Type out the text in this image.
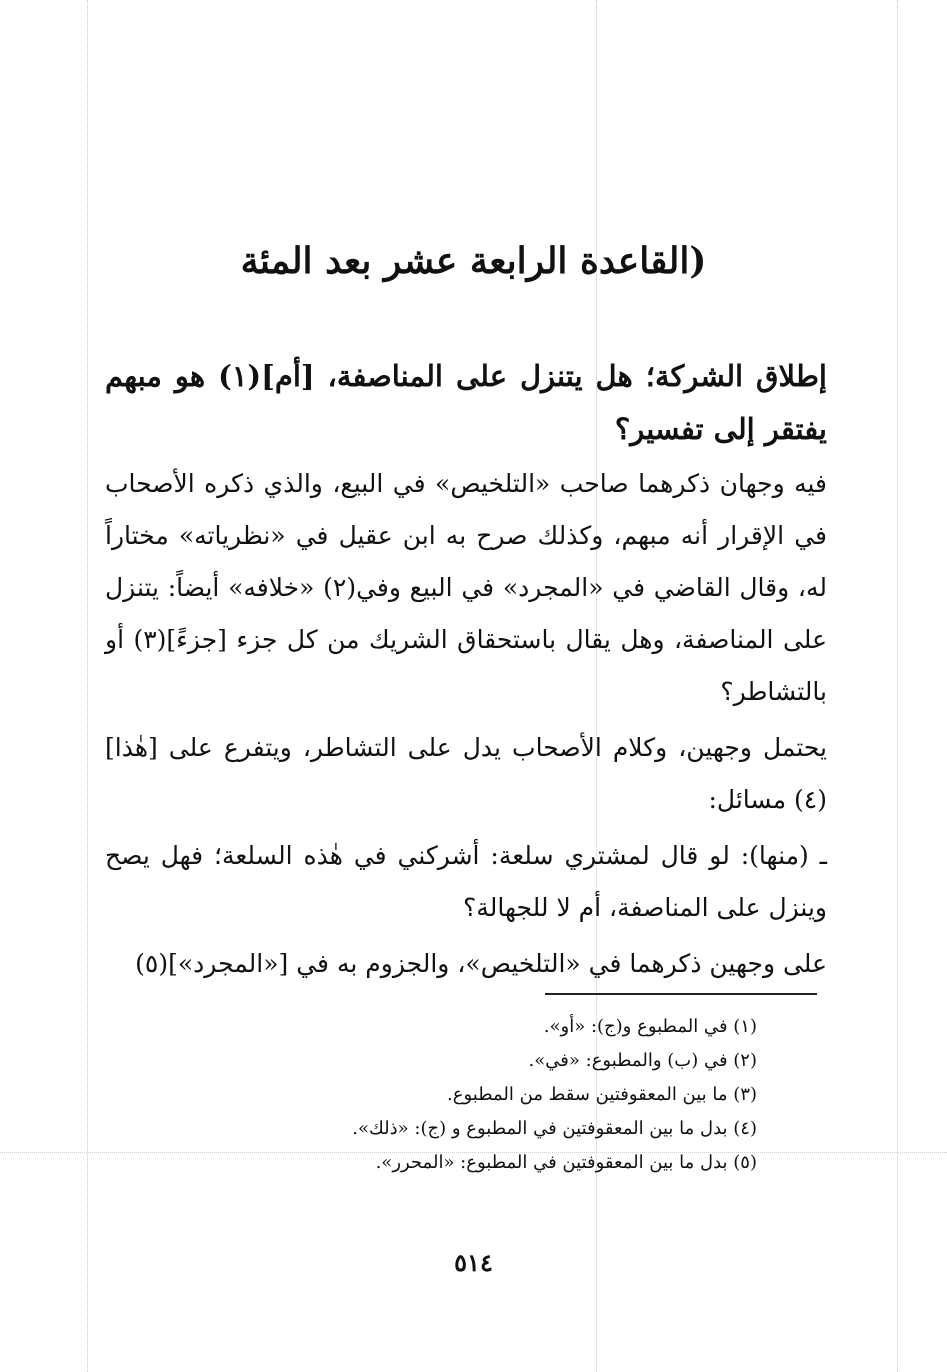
(القاعدة الرابعة عشر بعد المئة
إطلاق الشركة؛ هل يتنزل على المناصفة، [أم](١) هو مبهم يفتقر إلى تفسير؟
فيه وجهان ذكرهما صاحب «التلخيص» في البيع، والذي ذكره الأصحاب في الإقرار أنه مبهم، وكذلك صرح به ابن عقيل في «نظرياته» مختاراً له، وقال القاضي في «المجرد» في البيع وفي(٢) «خلافه» أيضاً: يتنزل على المناصفة، وهل يقال باستحقاق الشريك من كل جزء [جزءً](٣) أو بالتشاطر؟
يحتمل وجهين، وكلام الأصحاب يدل على التشاطر، ويتفرع على [هٰذا](٤) مسائل:
ـ (منها): لو قال لمشتري سلعة: أشركني في هٰذه السلعة؛ فهل يصح وينزل على المناصفة، أم لا للجهالة؟
على وجهين ذكرهما في «التلخيص»، والجزوم به في [«المجرد»](٥)
(١) في المطبوع و(ج): «أو».
(٢) في (ب) والمطبوع: «في».
(٣) ما بين المعقوفتين سقط من المطبوع.
(٤) بدل ما بين المعقوفتين في المطبوع و (ج): «ذلك».
(٥) بدل ما بين المعقوفتين في المطبوع: «المحرر».
٥١٤
